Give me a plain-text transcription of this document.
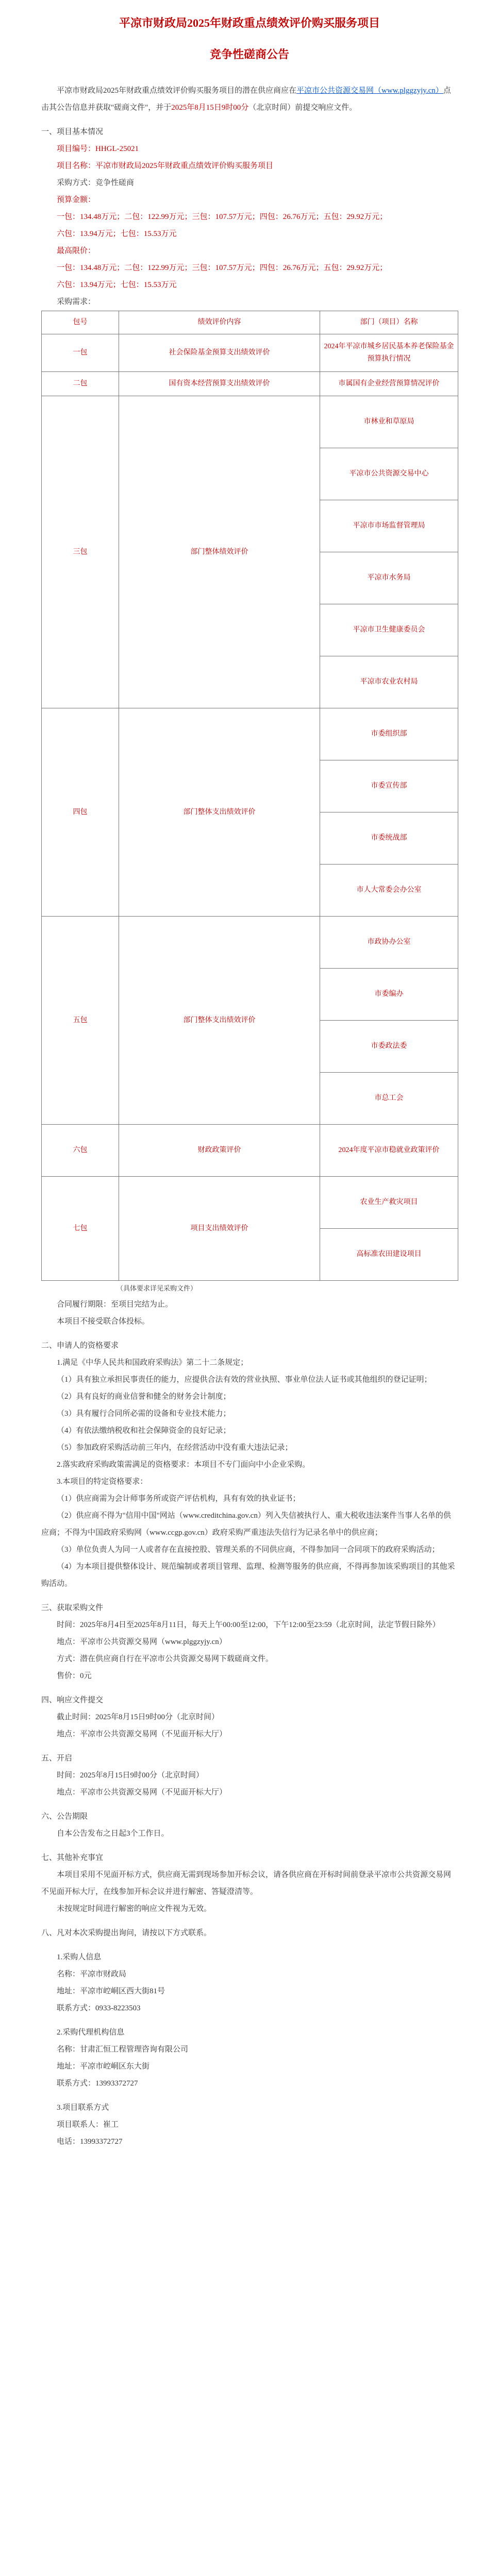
平凉市财政局2025年财政重点绩效评价购买服务项目
竞争性磋商公告

平凉市财政局2025年财政重点绩效评价购买服务项目的潜在供应商应在平凉市公共资源交易网（www.plggzyjy.cn）点击其公告信息并获取"磋商文件"，并于2025年8月15日9时00分（北京时间）前提交响应文件。

一、项目基本情况

项目编号：HHGL-25021

项目名称：平凉市财政局2025年财政重点绩效评价购买服务项目

采购方式：竞争性磋商

预算金额：

一包：134.48万元；二包：122.99万元；三包：107.57万元；四包：26.76万元；五包：29.92万元；

六包：13.94万元；七包：15.53万元

最高限价：

一包：134.48万元；二包：122.99万元；三包：107.57万元；四包：26.76万元；五包：29.92万元；

六包：13.94万元；七包：15.53万元

采购需求：

包号	绩效评价内容	部门（项目）名称
一包	社会保险基金预算支出绩效评价	2024年平凉市城乡居民基本养老保险基金预算执行情况
二包	国有资本经营预算支出绩效评价	市属国有企业经营预算情况评价
三包	部门整体绩效评价	市林业和草原局
		平凉市公共资源交易中心
		平凉市市场监督管理局
		平凉市水务局
		平凉市卫生健康委员会
		平凉市农业农村局
四包	部门整体支出绩效评价	市委组织部
		市委宣传部
		市委统战部
		市人大常委会办公室
五包	部门整体支出绩效评价	市政协办公室
		市委编办
		市委政法委
		市总工会
六包	财政政策评价	2024年度平凉市稳就业政策评价
七包	项目支出绩效评价	农业生产救灾项目
		高标准农田建设项目

（具体要求详见采购文件）

合同履行期限：至项目完结为止。

本项目不接受联合体投标。

二、申请人的资格要求

1.满足《中华人民共和国政府采购法》第二十二条规定；

（1）具有独立承担民事责任的能力，应提供合法有效的营业执照、事业单位法人证书或其他组织的登记证明；

（2）具有良好的商业信誉和健全的财务会计制度；

（3）具有履行合同所必需的设备和专业技术能力；

（4）有依法缴纳税收和社会保障资金的良好记录；

（5）参加政府采购活动前三年内，在经营活动中没有重大违法记录；

2.落实政府采购政策需满足的资格要求：本项目不专门面向中小企业采购。

3.本项目的特定资格要求：

（1）供应商需为会计师事务所或资产评估机构，具有有效的执业证书；

（2）供应商不得为"信用中国"网站（www.creditchina.gov.cn）列入失信被执行人、重大税收违法案件当事人名单的供应商；不得为中国政府采购网（www.ccgp.gov.cn）政府采购严重违法失信行为记录名单中的供应商；

（3）单位负责人为同一人或者存在直接控股、管理关系的不同供应商，不得参加同一合同项下的政府采购活动；

（4）为本项目提供整体设计、规范编制或者项目管理、监理、检测等服务的供应商，不得再参加该采购项目的其他采购活动。

三、获取采购文件

时间：2025年8月4日至2025年8月11日，每天上午00:00至12:00，下午12:00至23:59（北京时间，法定节假日除外）

地点：平凉市公共资源交易网（www.plggzyjy.cn）

方式：潜在供应商自行在平凉市公共资源交易网下载磋商文件。

售价：0元

四、响应文件提交

截止时间：2025年8月15日9时00分（北京时间）

地点：平凉市公共资源交易网（不见面开标大厅）

五、开启

时间：2025年8月15日9时00分（北京时间）

地点：平凉市公共资源交易网（不见面开标大厅）

六、公告期限

自本公告发布之日起3个工作日。

七、其他补充事宜

本项目采用不见面开标方式，供应商无需到现场参加开标会议，请各供应商在开标时间前登录平凉市公共资源交易网不见面开标大厅，在线参加开标会议并进行解密、答疑澄清等。

未按规定时间进行解密的响应文件视为无效。

八、凡对本次采购提出询问，请按以下方式联系。

1.采购人信息

名称：平凉市财政局

地址：平凉市崆峒区西大街81号

联系方式：0933-8223503

2.采购代理机构信息

名称：甘肃汇恒工程管理咨询有限公司

地址：平凉市崆峒区东大街

联系方式：13993372727

3.项目联系方式

项目联系人：崔工

电话：13993372727
